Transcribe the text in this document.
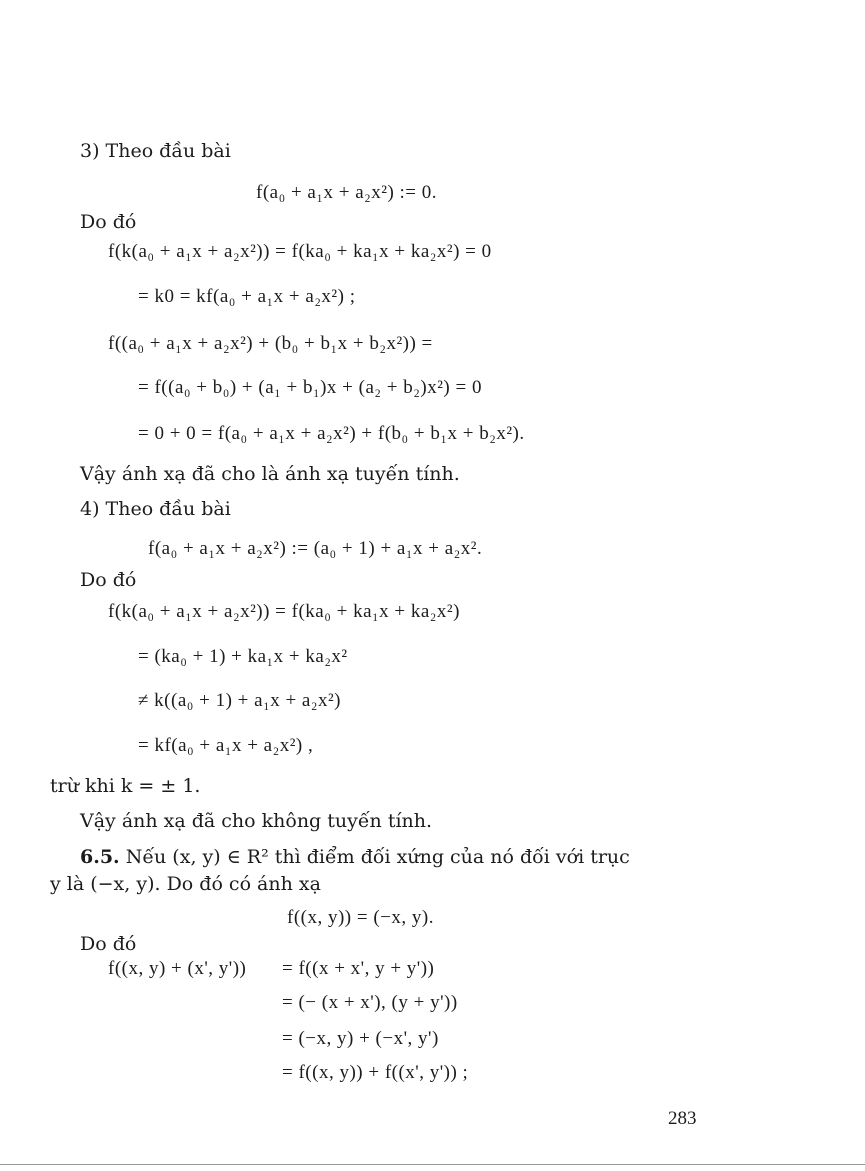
3) Theo đầu bài
f(a₀ + a₁x + a₂x²) := 0.
Do đó
f(k(a₀ + a₁x + a₂x²)) = f(ka₀ + ka₁x + ka₂x²) = 0
= k0 = kf(a₀ + a₁x + a₂x²) ;
f((a₀ + a₁x + a₂x²) + (b₀ + b₁x + b₂x²)) =
= f((a₀ + b₀) + (a₁ + b₁)x + (a₂ + b₂)x²) = 0
= 0 + 0 = f(a₀ + a₁x + a₂x²) + f(b₀ + b₁x + b₂x²).
Vậy ánh xạ đã cho là ánh xạ tuyến tính.
4) Theo đầu bài
f(a₀ + a₁x + a₂x²) := (a₀ + 1) + a₁x + a₂x².
Do đó
f(k(a₀ + a₁x + a₂x²)) = f(ka₀ + ka₁x + ka₂x²)
= (ka₀ + 1) + ka₁x + ka₂x²
≠ k((a₀ + 1) + a₁x + a₂x²)
= kf(a₀ + a₁x + a₂x²) ,
trừ khi k = ± 1.
Vậy ánh xạ đã cho không tuyến tính.
6.5. Nếu (x, y) ∈ R² thì điểm đối xứng của nó đối với trục
y là (−x, y). Do đó có ánh xạ
f((x, y)) = (−x, y).
Do đó
f((x, y) + (x', y')) = f((x + x', y + y'))
= (− (x + x'), (y + y'))
= (−x, y) + (−x', y')
= f((x, y)) + f((x', y')) ;
283
